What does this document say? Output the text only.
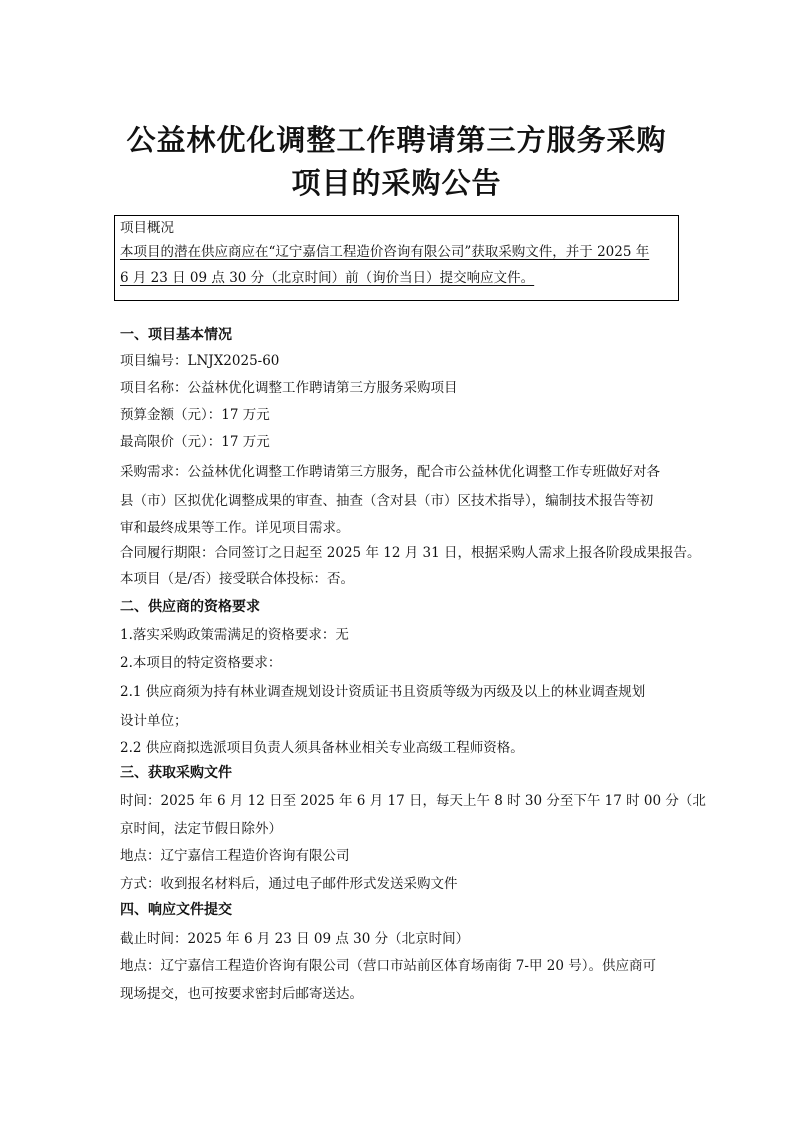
公益林优化调整工作聘请第三方服务采购
项目的采购公告
项目概况
本项目的潜在供应商应在“辽宁嘉信工程造价咨询有限公司”获取采购文件，并于 2025 年
6 月 23 日 09 点 30 分（北京时间）前（询价当日）提交响应文件。
一、项目基本情况
项目编号：LNJX2025-60
项目名称：公益林优化调整工作聘请第三方服务采购项目
预算金额（元）：17 万元
最高限价（元）：17 万元
采购需求：公益林优化调整工作聘请第三方服务，配合市公益林优化调整工作专班做好对各
县（市）区拟优化调整成果的审查、抽查（含对县（市）区技术指导），编制技术报告等初
审和最终成果等工作。详见项目需求。
合同履行期限：合同签订之日起至 2025 年 12 月 31 日，根据采购人需求上报各阶段成果报告。
本项目（是/否）接受联合体投标：否。
二、供应商的资格要求
1.落实采购政策需满足的资格要求：无
2.本项目的特定资格要求：
2.1 供应商须为持有林业调查规划设计资质证书且资质等级为丙级及以上的林业调查规划
设计单位；
2.2 供应商拟选派项目负责人须具备林业相关专业高级工程师资格。
三、获取采购文件
时间：2025 年 6 月 12 日至 2025 年 6 月 17 日，每天上午 8 时 30 分至下午 17 时 00 分（北
京时间，法定节假日除外）
地点：辽宁嘉信工程造价咨询有限公司
方式：收到报名材料后，通过电子邮件形式发送采购文件
四、响应文件提交
截止时间：2025 年 6 月 23 日 09 点 30 分（北京时间）
地点：辽宁嘉信工程造价咨询有限公司（营口市站前区体育场南街 7-甲 20 号）。供应商可
现场提交，也可按要求密封后邮寄送达。
